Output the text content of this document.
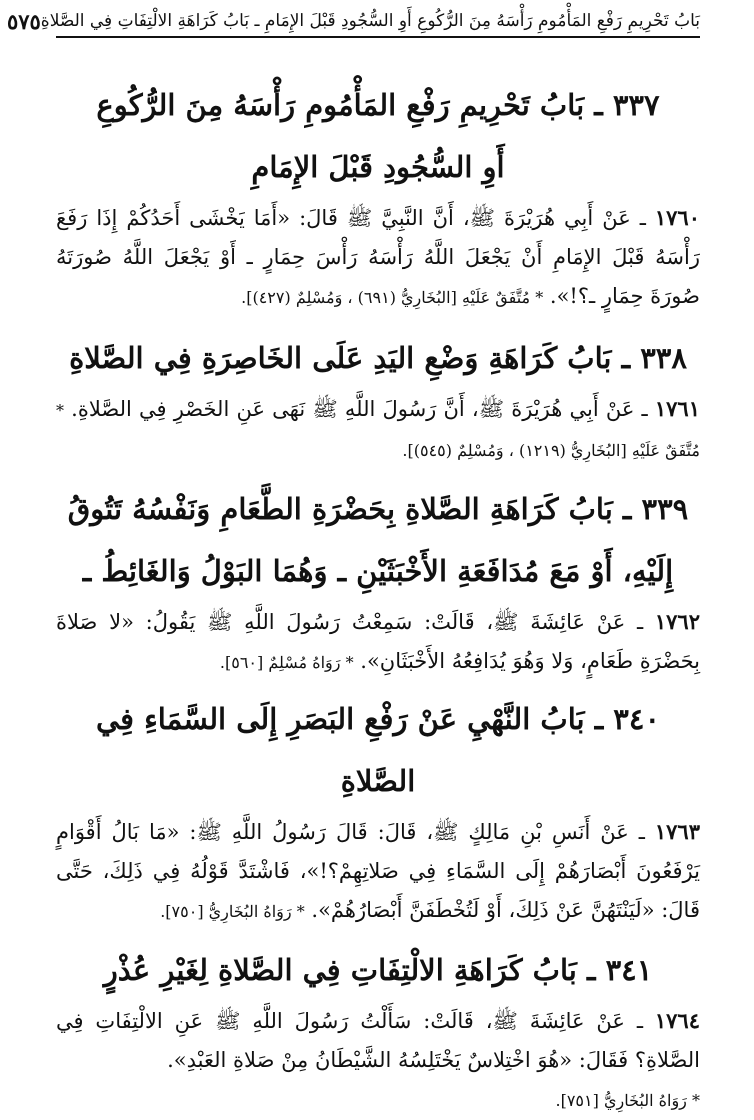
بَابُ تَحْرِيمِ رَفْعِ المَأْمُومِ رَأْسَهُ مِنَ الرُّكُوعِ أَوِ السُّجُودِ قَبْلَ الإِمَامِ ـ بَابُ كَرَاهَةِ الالْتِفَاتِ فِي الصَّلاةِ
٥٧٥
٣٣٧ ـ بَابُ تَحْرِيمِ رَفْعِ المَأْمُومِ رَأْسَهُ مِنَ الرُّكُوعِ
أَوِ السُّجُودِ قَبْلَ الإِمَامِ

١٧٦٠ ـ عَنْ أَبِي هُرَيْرَةَ ﷺ، أَنَّ النَّبِيَّ ﷺ قَالَ: «أَمَا يَخْشَى أَحَدُكُمْ إِذَا رَفَعَ رَأْسَهُ قَبْلَ الإِمَامِ أَنْ يَجْعَلَ اللَّهُ رَأْسَهُ رَأْسَ حِمَارٍ ـ أَوْ يَجْعَلَ اللَّهُ صُورَتَهُ صُورَةَ حِمَارٍ ـ؟!». * مُتَّفَقٌ عَلَيْهِ [البُخَارِيُّ (٦٩١) ، وَمُسْلِمٌ (٤٢٧)].

٣٣٨ ـ بَابُ كَرَاهَةِ وَضْعِ اليَدِ عَلَى الخَاصِرَةِ فِي الصَّلاةِ

١٧٦١ ـ عَنْ أَبِي هُرَيْرَةَ ﷺ، أَنَّ رَسُولَ اللَّهِ ﷺ نَهَى عَنِ الخَصْرِ فِي الصَّلاةِ. * مُتَّفَقٌ عَلَيْهِ [البُخَارِيُّ (١٢١٩) ، وَمُسْلِمٌ (٥٤٥)].

٣٣٩ ـ بَابُ كَرَاهَةِ الصَّلاةِ بِحَضْرَةِ الطَّعَامِ وَنَفْسُهُ تَتُوقُ
إِلَيْهِ، أَوْ مَعَ مُدَافَعَةِ الأَخْبَثَيْنِ ـ وَهُمَا البَوْلُ وَالغَائِطُ ـ

١٧٦٢ ـ عَنْ عَائِشَةَ ﷺ، قَالَتْ: سَمِعْتُ رَسُولَ اللَّهِ ﷺ يَقُولُ: «لا صَلاةَ بِحَضْرَةِ طَعَامٍ، وَلا وَهُوَ يُدَافِعُهُ الأَخْبَثَانِ». * رَوَاهُ مُسْلِمٌ [٥٦٠].

٣٤٠ ـ بَابُ النَّهْيِ عَنْ رَفْعِ البَصَرِ إِلَى السَّمَاءِ فِي الصَّلاةِ

١٧٦٣ ـ عَنْ أَنَسِ بْنِ مَالِكٍ ﷺ، قَالَ: قَالَ رَسُولُ اللَّهِ ﷺ: «مَا بَالُ أَقْوَامٍ يَرْفَعُونَ أَبْصَارَهُمْ إِلَى السَّمَاءِ فِي صَلاتِهِمْ؟!»، فَاشْتَدَّ قَوْلُهُ فِي ذَلِكَ، حَتَّى قَالَ: «لَيَنْتَهُنَّ عَنْ ذَلِكَ، أَوْ لَتُخْطَفَنَّ أَبْصَارُهُمْ». * رَوَاهُ البُخَارِيُّ [٧٥٠].

٣٤١ ـ بَابُ كَرَاهَةِ الالْتِفَاتِ فِي الصَّلاةِ لِغَيْرِ عُذْرٍ

١٧٦٤ ـ عَنْ عَائِشَةَ ﷺ، قَالَتْ: سَأَلْتُ رَسُولَ اللَّهِ ﷺ عَنِ الالْتِفَاتِ فِي الصَّلاةِ؟ فَقَالَ: «هُوَ اخْتِلاسٌ يَخْتَلِسُهُ الشَّيْطَانُ مِنْ صَلاةِ العَبْدِ».

* رَوَاهُ البُخَارِيُّ [٧٥١].
